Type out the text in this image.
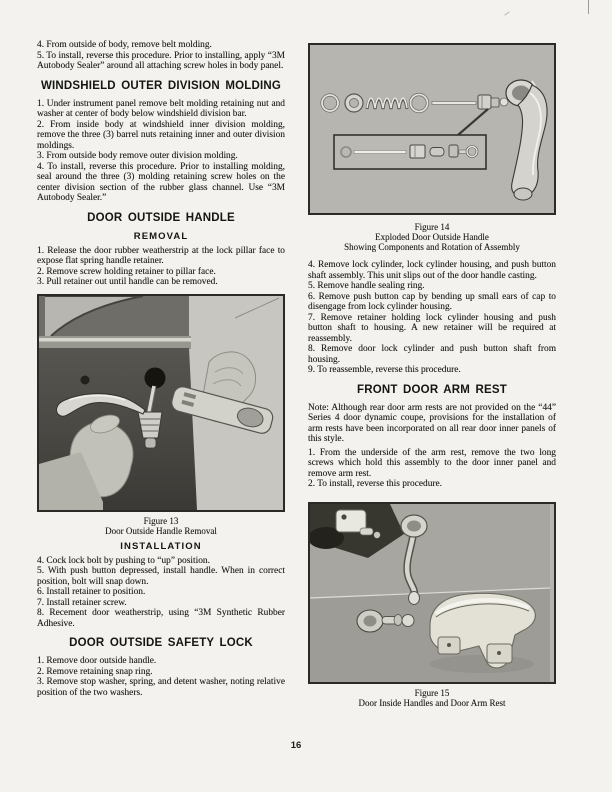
4. From outside of body, remove belt molding.

5. To install, reverse this procedure. Prior to installing, apply “3M Autobody Sealer” around all attaching screw holes in body panel.

WINDSHIELD OUTER DIVISION MOLDING

1. Under instrument panel remove belt molding retaining nut and washer at center of body below windshield division bar.

2. From inside body at windshield inner division molding, remove the three (3) barrel nuts retaining inner and outer division moldings.

3. From outside body remove outer division molding.

4. To install, reverse this procedure. Prior to installing molding, seal around the three (3) molding retaining screw holes on the center division section of the rubber glass channel. Use “3M Autobody Sealer.”

DOOR OUTSIDE HANDLE
REMOVAL

1. Release the door rubber weatherstrip at the lock pillar face to expose flat spring handle retainer.

2. Remove screw holding retainer to pillar face.

3. Pull retainer out until handle can be removed.

Figure 13
Door Outside Handle Removal
INSTALLATION

4. Cock lock bolt by pushing to “up” position.

5. With push button depressed, install handle. When in correct position, bolt will snap down.

6. Install retainer to position.

7. Install retainer screw.

8. Recement door weatherstrip, using “3M Synthetic Rubber Adhesive.

DOOR OUTSIDE SAFETY LOCK

1. Remove door outside handle.

2. Remove retaining snap ring.

3. Remove stop washer, spring, and detent washer, noting relative position of the two washers.

Figure 14
Exploded Door Outside Handle
Showing Components and Rotation of Assembly

4. Remove lock cylinder, lock cylinder housing, and push button shaft assembly. This unit slips out of the door handle casting.

5. Remove handle sealing ring.

6. Remove push button cap by bending up small ears of cap to disengage from lock cylinder housing.

7. Remove retainer holding lock cylinder housing and push button shaft to housing. A new retainer will be required at reassembly.

8. Remove door lock cylinder and push button shaft from housing.

9. To reassemble, reverse this procedure.

FRONT DOOR ARM REST

Note: Although rear door arm rests are not provided on the “44” Series 4 door dynamic coupe, provisions for the installation of arm rests have been incorporated on all rear door inner panels of this style.

1. From the underside of the arm rest, remove the two long screws which hold this assembly to the door inner panel and remove arm rest.

2. To install, reverse this procedure.

Figure 15
Door Inside Handles and Door Arm Rest
16
